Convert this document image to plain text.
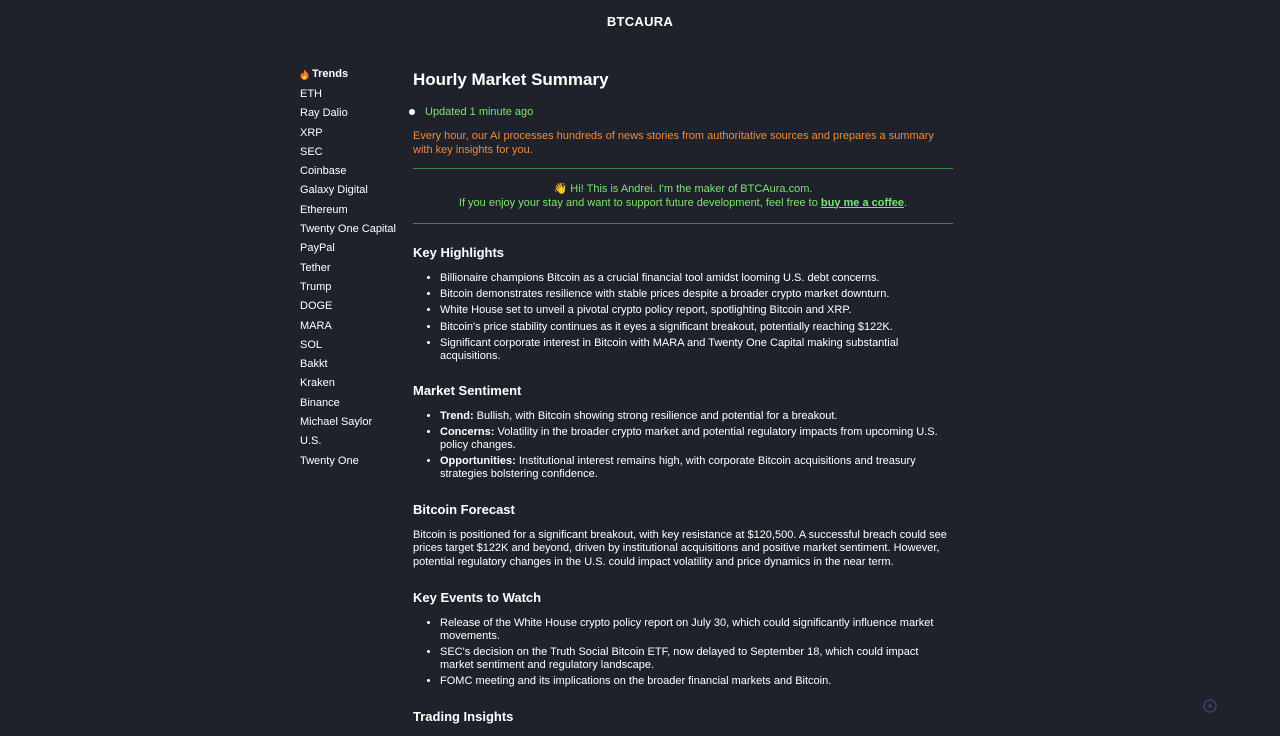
BTCAURA
Trends
ETH
Ray Dalio
XRP
SEC
Coinbase
Galaxy Digital
Ethereum
Twenty One Capital
PayPal
Tether
Trump
DOGE
MARA
SOL
Bakkt
Kraken
Binance
Michael Saylor
U.S.
Twenty One
Hourly Market Summary
Updated 1 minute ago

Every hour, our AI processes hundreds of news stories from authoritative sources and prepares a summary with key insights for you.

👋 Hi! This is Andrei. I'm the maker of BTCAura.com.
If you enjoy your stay and want to support future development, feel free to buy me a coffee.
Key Highlights
• Billionaire champions Bitcoin as a crucial financial tool amidst looming U.S. debt concerns.
• Bitcoin demonstrates resilience with stable prices despite a broader crypto market downturn.
• White House set to unveil a pivotal crypto policy report, spotlighting Bitcoin and XRP.
• Bitcoin's price stability continues as it eyes a significant breakout, potentially reaching $122K.
• Significant corporate interest in Bitcoin with MARA and Twenty One Capital making substantial acquisitions.
Market Sentiment
• Trend: Bullish, with Bitcoin showing strong resilience and potential for a breakout.
• Concerns: Volatility in the broader crypto market and potential regulatory impacts from upcoming U.S. policy changes.
• Opportunities: Institutional interest remains high, with corporate Bitcoin acquisitions and treasury strategies bolstering confidence.
Bitcoin Forecast

Bitcoin is positioned for a significant breakout, with key resistance at $120,500. A successful breach could see prices target $122K and beyond, driven by institutional acquisitions and positive market sentiment. However, potential regulatory changes in the U.S. could impact volatility and price dynamics in the near term.

Key Events to Watch
• Release of the White House crypto policy report on July 30, which could significantly influence market movements.
• SEC's decision on the Truth Social Bitcoin ETF, now delayed to September 18, which could impact market sentiment and regulatory landscape.
• FOMC meeting and its implications on the broader financial markets and Bitcoin.
Trading Insights
